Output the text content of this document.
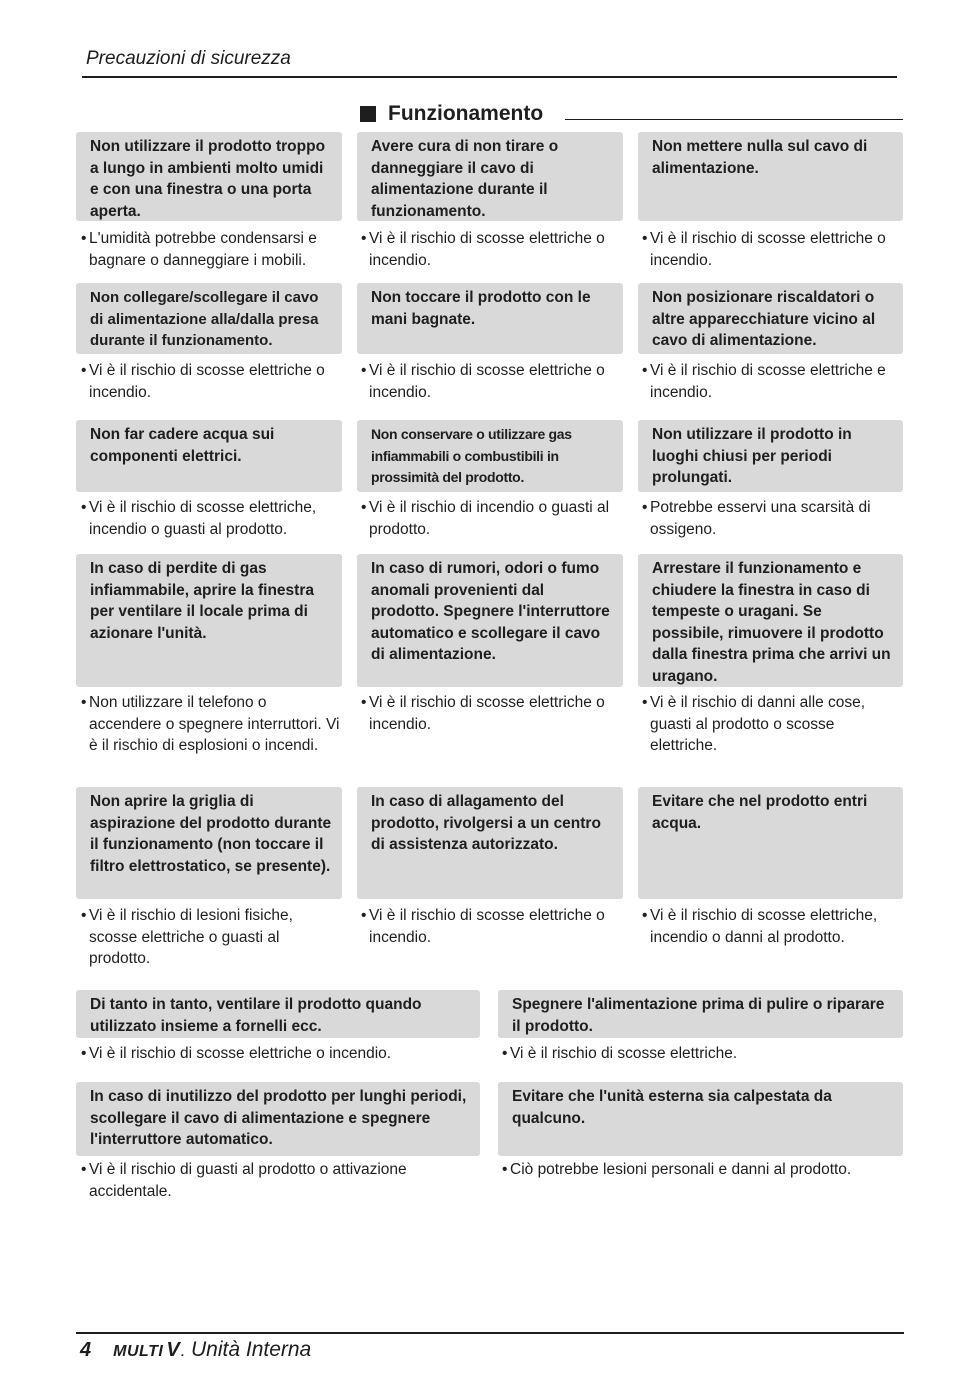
Precauzioni di sicurezza
Funzionamento
Non utilizzare il prodotto troppo a lungo in ambienti molto umidi e con una finestra o una porta aperta.
Avere cura di non tirare o danneggiare il cavo di alimentazione durante il funzionamento.
Non mettere nulla sul cavo di alimentazione.
• L'umidità potrebbe condensarsi e bagnare o danneggiare i mobili.
• Vi è il rischio di scosse elettriche o incendio.
• Vi è il rischio di scosse elettriche o incendio.
Non collegare/scollegare il cavo di alimentazione alla/dalla presa durante il funzionamento.
Non toccare il prodotto con le mani bagnate.
Non posizionare riscaldatori o altre apparecchiature vicino al cavo di alimentazione.
• Vi è il rischio di scosse elettriche o incendio.
• Vi è il rischio di scosse elettriche o incendio.
• Vi è il rischio di scosse elettriche e incendio.
Non far cadere acqua sui componenti elettrici.
Non conservare o utilizzare gas infiammabili o combustibili in prossimità del prodotto.
Non utilizzare il prodotto in luoghi chiusi per periodi prolungati.
• Vi è il rischio di scosse elettriche, incendio o guasti al prodotto.
• Vi è il rischio di incendio o guasti al prodotto.
• Potrebbe esservi una scarsità di ossigeno.
In caso di perdite di gas infiammabile, aprire la finestra per ventilare il locale prima di azionare l'unità.
In caso di rumori, odori o fumo anomali provenienti dal prodotto. Spegnere l'interruttore automatico e scollegare il cavo di alimentazione.
Arrestare il funzionamento e chiudere la finestra in caso di tempeste o uragani. Se possibile, rimuovere il prodotto dalla finestra prima che arrivi un uragano.
• Non utilizzare il telefono o accendere o spegnere interruttori. Vi è il rischio di esplosioni o incendi.
• Vi è il rischio di scosse elettriche o incendio.
• Vi è il rischio di danni alle cose, guasti al prodotto o scosse elettriche.
Non aprire la griglia di aspirazione del prodotto durante il funzionamento (non toccare il filtro elettrostatico, se presente).
In caso di allagamento del prodotto, rivolgersi a un centro di assistenza autorizzato.
Evitare che nel prodotto entri acqua.
• Vi è il rischio di lesioni fisiche, scosse elettriche o guasti al prodotto.
• Vi è il rischio di scosse elettriche o incendio.
• Vi è il rischio di scosse elettriche, incendio o danni al prodotto.
Di tanto in tanto, ventilare il prodotto quando utilizzato insieme a fornelli ecc.
Spegnere l'alimentazione prima di pulire o riparare il prodotto.
• Vi è il rischio di scosse elettriche o incendio.	• Vi è il rischio di scosse elettriche.
In caso di inutilizzo del prodotto per lunghi periodi, scollegare il cavo di alimentazione e spegnere l'interruttore automatico.
Evitare che l'unità esterna sia calpestata da qualcuno.
• Vi è il rischio di guasti al prodotto o attivazione accidentale.
• Ciò potrebbe lesioni personali e danni al prodotto.
4 MULTI V . Unità Interna
